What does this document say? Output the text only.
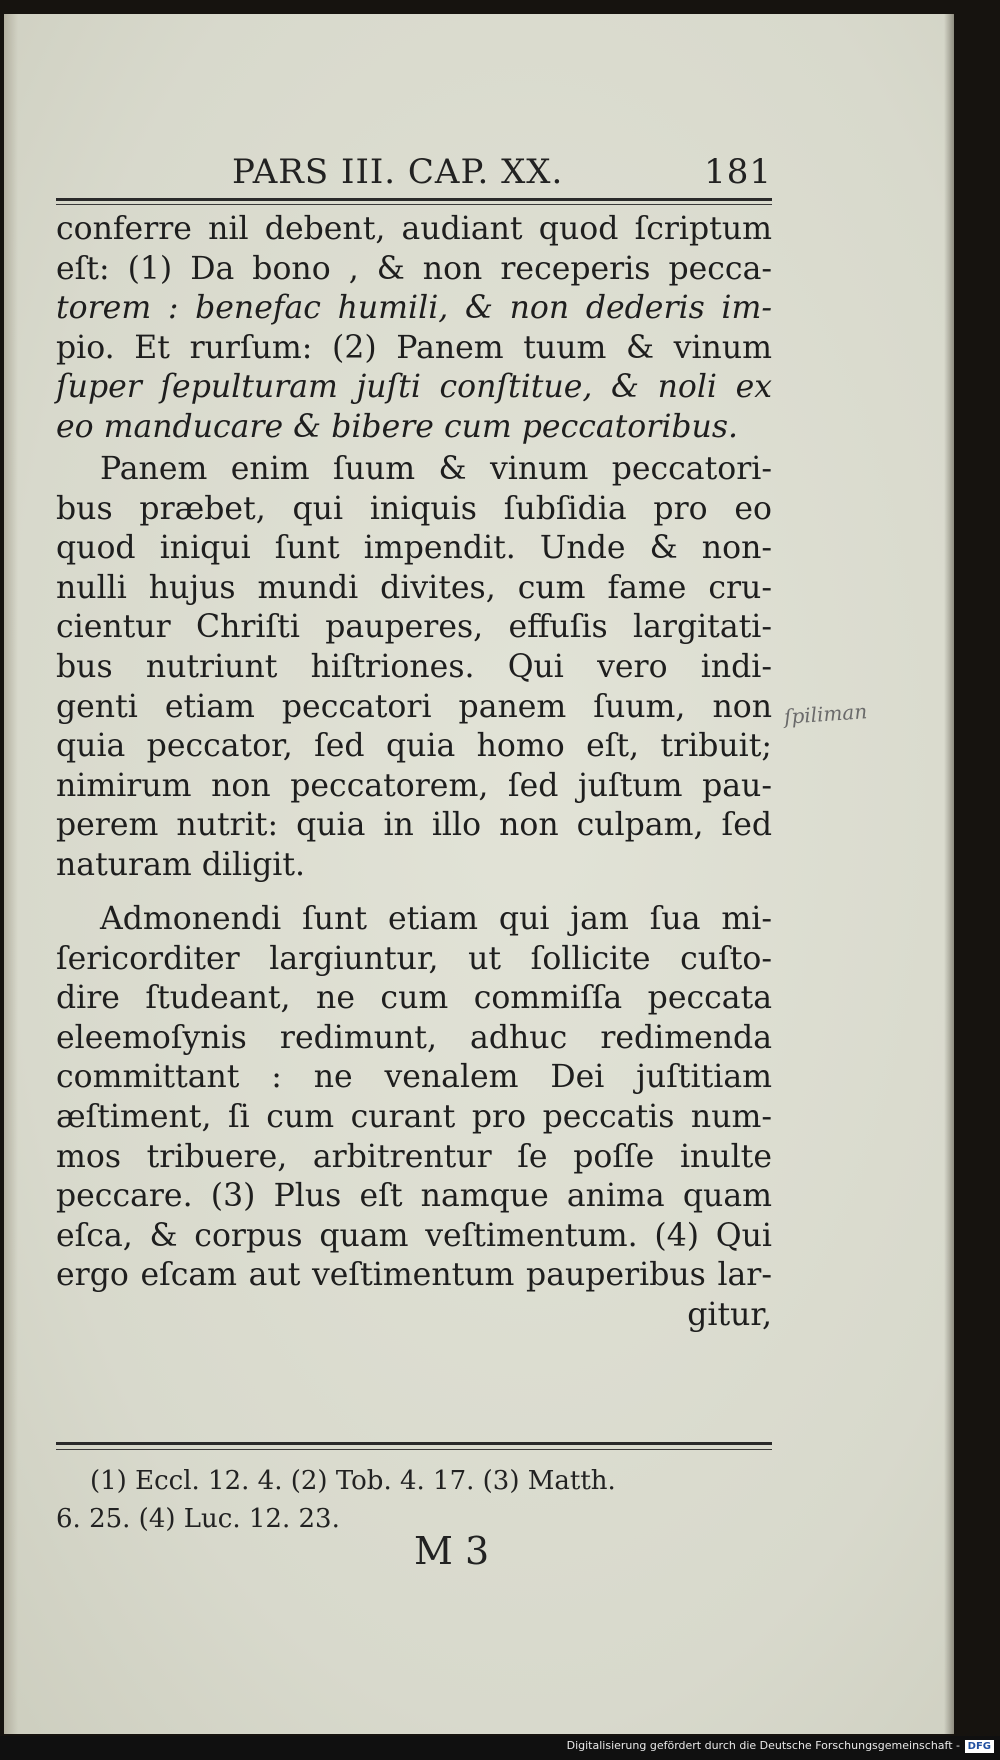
PARS III. CAP. XX.	181
conferre nil debent, audiant quod ſcriptum
eſt: (1) Da bono , & non receperis pecca-
torem : benefac humili, & non dederis im-
pio. Et rurſum: (2) Panem tuum & vinum
ſuper ſepulturam juſti conſtitue, & noli ex
eo manducare & bibere cum peccatoribus.
Panem enim ſuum & vinum peccatori-
bus præbet, qui iniquis ſubſidia pro eo
quod iniqui ſunt impendit. Unde & non-
nulli hujus mundi divites, cum fame cru-
cientur Chriſti pauperes, effuſis largitati-
bus nutriunt hiſtriones. Qui vero indi-
genti etiam peccatori panem ſuum, non
quia peccator, ſed quia homo eſt, tribuit;
nimirum non peccatorem, ſed juſtum pau-
perem nutrit: quia in illo non culpam, ſed
naturam diligit.
Admonendi ſunt etiam qui jam ſua mi-
ſericorditer largiuntur, ut ſollicite cuſto-
dire ſtudeant, ne cum commiſſa peccata
eleemoſynis redimunt, adhuc redimenda
committant : ne venalem Dei juſtitiam
æſtiment, ſi cum curant pro peccatis num-
mos tribuere, arbitrentur ſe poſſe inulte
peccare. (3) Plus eſt namque anima quam
eſca, & corpus quam veſtimentum. (4) Qui
ergo eſcam aut veſtimentum pauperibus lar-
gitur,
ſpiliman
(1) Eccl. 12. 4. (2) Tob. 4. 17. (3) Matth.
6. 25. (4) Luc. 12. 23.
M 3
Digitalisierung gefördert durch die Deutsche Forschungsgemeinschaft - DFG
